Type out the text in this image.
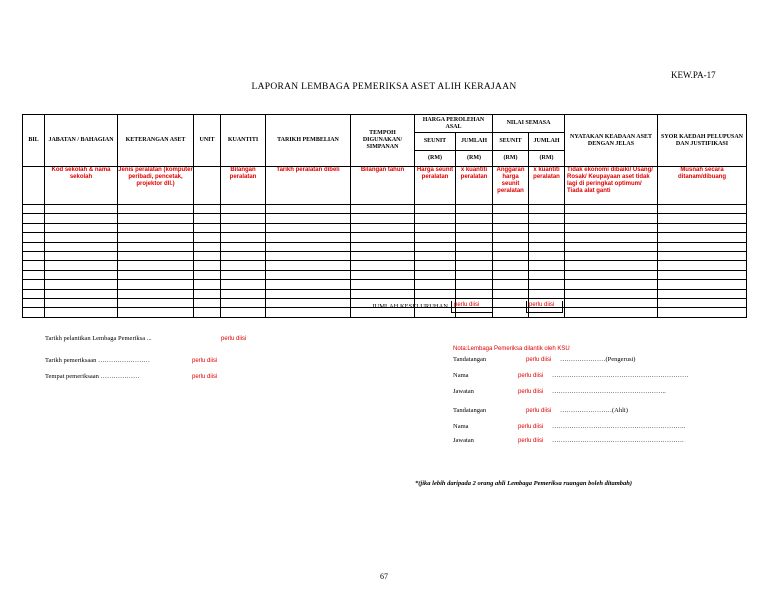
KEW.PA-17
LAPORAN LEMBAGA PEMERIKSA ASET ALIH KERAJAAN
BIL	JABATAN / BAHAGIAN	KETERANGAN ASET	UNIT	KUANTITI	TARIKH PEMBELIAN	TEMPOH DIGUNAKAN/ SIMPANAN	HARGA PEROLEHAN ASAL		NILAI SEMASA		NYATAKAN KEADAAN ASET DENGAN JELAS	SYOR KAEDAH PELUPUSAN DAN JUSTIFIKASI
							SEUNIT	JUMLAH	SEUNIT	JUMLAH		
							(RM)	(RM)	(RM)	(RM)		
	Kod sekolah & nama sekolah	Jenis peralatan (komputer peribadi, pencetak, projektor dll.)		Bilangan peralatan	Tarikh peralatan dibeli	Bilangan tahun	Harga seunit peralatan	x kuantiti peralatan	Anggaran harga seunit peralatan	x kuantiti peralatan	Tidak ekonomi dibaiki/ Usang/ Rosak/ Keupayaan aset tidak lagi di peringkat optimum/ Tiada alat ganti	Musnah secara ditanam/dibuang

JUMLAH KESELURUHAN perlu diisi	perlu diisi
Tarikh pelantikan Lembaga Pemeriksa ...	perlu diisi
Tarikh pemeriksaan ……………………	perlu diisi
Tempat pemeriksaan ………………	perlu diisi
Nota:Lembaga Pemeriksa dilantik oleh KSU
Tandatangan	perlu diisi …………………(Pengerusi)
Nama	perlu diisi ………………………………………………………
Jawatan	perlu diisi ……………………………………………..
Tandatangan	perlu diisi ……………………(Ahli)
Nama	perlu diisi ……………………………………………………..
Jawatan	perlu diisi …………………………………………………….
*(jika lebih daripada 2 orang ahli Lembaga Pemeriksa ruangan boleh ditambah)
67
